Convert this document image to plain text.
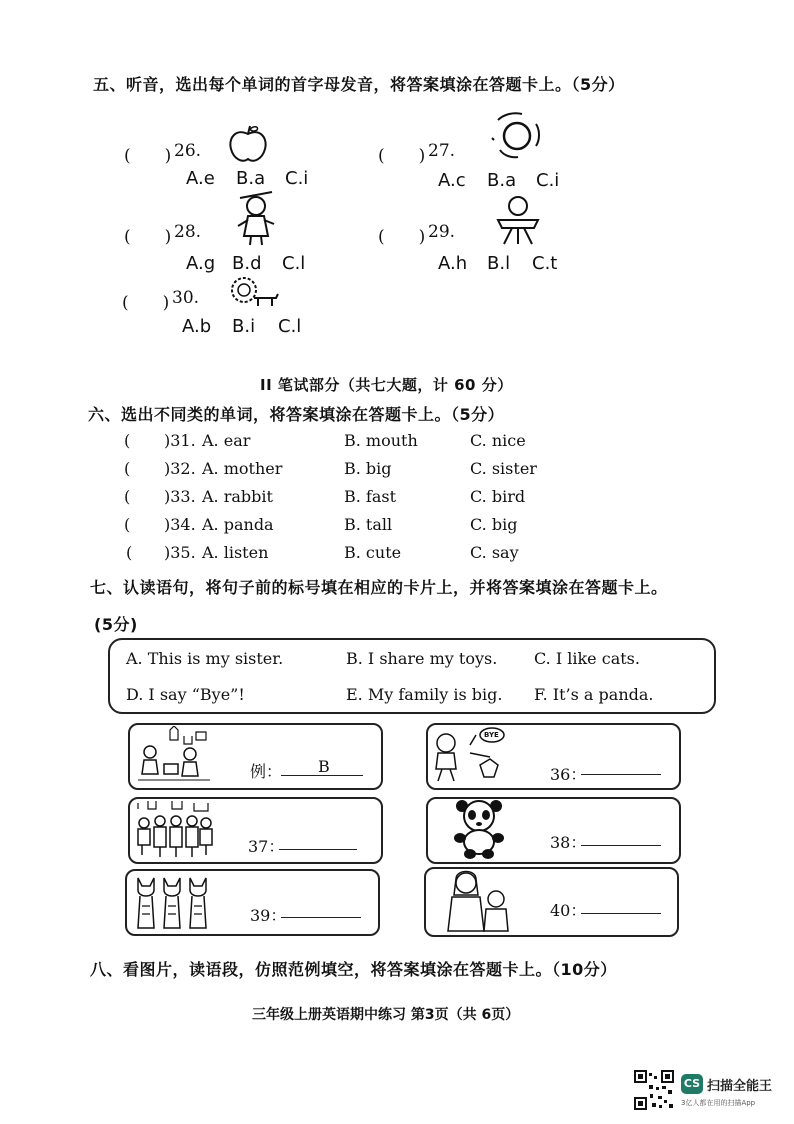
五、听音，选出每个单词的首字母发音，将答案填涂在答题卡上。（5分）
(　　) 26.
A.e B.a C.i
(　　) 27.
A.c B.a C.i
(　　) 28.
A.g B.d C.l
(　　) 29.
A.h B.l C.t
(　　) 30.
A.b B.i C.l
II 笔试部分（共七大题，计 60 分）
六、选出不同类的单词，将答案填涂在答题卡上。（5分）
( )31. A. ear	B. mouth	C. nice
( )32. A. mother	B. big	C. sister
( )33. A. rabbit	B. fast	C. bird
( )34. A. panda	B. tall	C. big
( )35. A. listen	B. cute	C. say
七、认读语句，将句子前的标号填在相应的卡片上，并将答案填涂在答题卡上。
(5分)
A. This is my sister.	B. I share my toys. C. I like cats.
D. I say “Bye”!	E. My family is big. F. It’s a panda.
例： B
BYE
36：
37：	38：
39：	40：
八、看图片，读语段，仿照范例填空，将答案填涂在答题卡上。（10分）
三年级上册英语期中练习 第3页（共 6页）
CS 扫描全能王
3亿人都在用的扫描App
